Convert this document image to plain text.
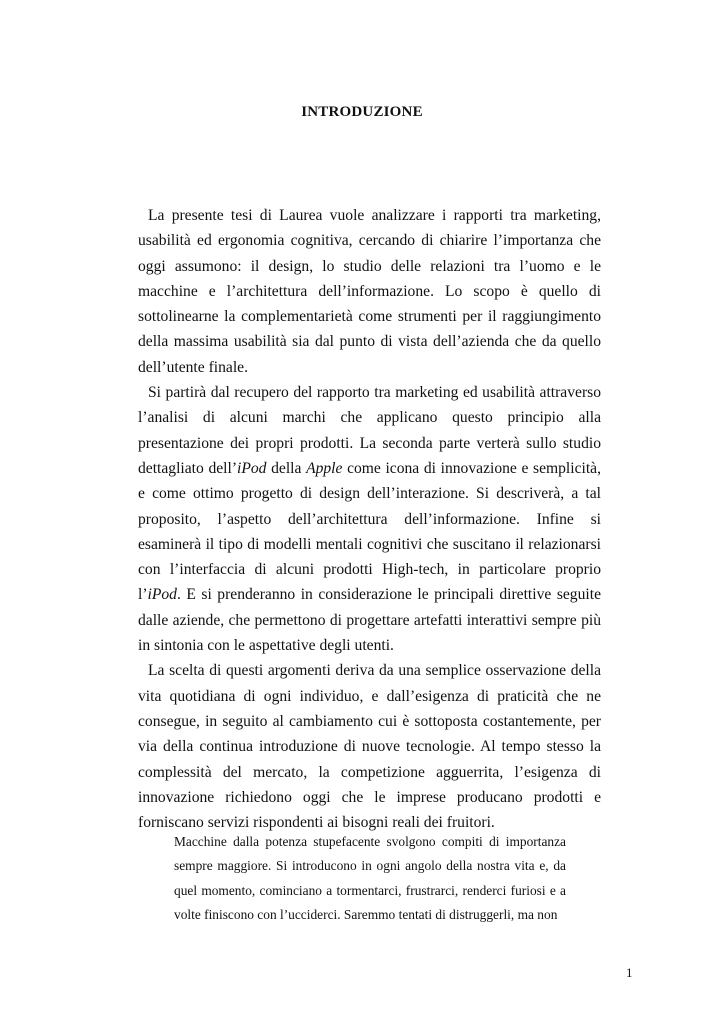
INTRODUZIONE

La presente tesi di Laurea vuole analizzare i rapporti tra marketing, usabilità ed ergonomia cognitiva, cercando di chiarire l’importanza che oggi assumono: il design, lo studio delle relazioni tra l’uomo e le macchine e l’architettura dell’informazione. Lo scopo è quello di sottolinearne la complementarietà come strumenti per il raggiungimento della massima usabilità sia dal punto di vista dell’azienda che da quello dell’utente finale.

Si partirà dal recupero del rapporto tra marketing ed usabilità attraverso l’analisi di alcuni marchi che applicano questo principio alla presentazione dei propri prodotti. La seconda parte verterà sullo studio dettagliato dell’iPod della Apple come icona di innovazione e semplicità, e come ottimo progetto di design dell’interazione. Si descriverà, a tal proposito, l’aspetto dell’architettura dell’informazione. Infine si esaminerà il tipo di modelli mentali cognitivi che suscitano il relazionarsi con l’interfaccia di alcuni prodotti High-tech, in particolare proprio l’iPod. E si prenderanno in considerazione le principali direttive seguite dalle aziende, che permettono di progettare artefatti interattivi sempre più in sintonia con le aspettative degli utenti.

La scelta di questi argomenti deriva da una semplice osservazione della vita quotidiana di ogni individuo, e dall’esigenza di praticità che ne consegue, in seguito al cambiamento cui è sottoposta costantemente, per via della continua introduzione di nuove tecnologie. Al tempo stesso la complessità del mercato, la competizione agguerrita, l’esigenza di innovazione richiedono oggi che le imprese producano prodotti e forniscano servizi rispondenti ai bisogni reali dei fruitori.

Macchine dalla potenza stupefacente svolgono compiti di importanza sempre maggiore. Si introducono in ogni angolo della nostra vita e, da quel momento, cominciano a tormentarci, frustrarci, renderci furiosi e a volte finiscono con l’ucciderci. Saremmo tentati di distruggerli, ma non

1
